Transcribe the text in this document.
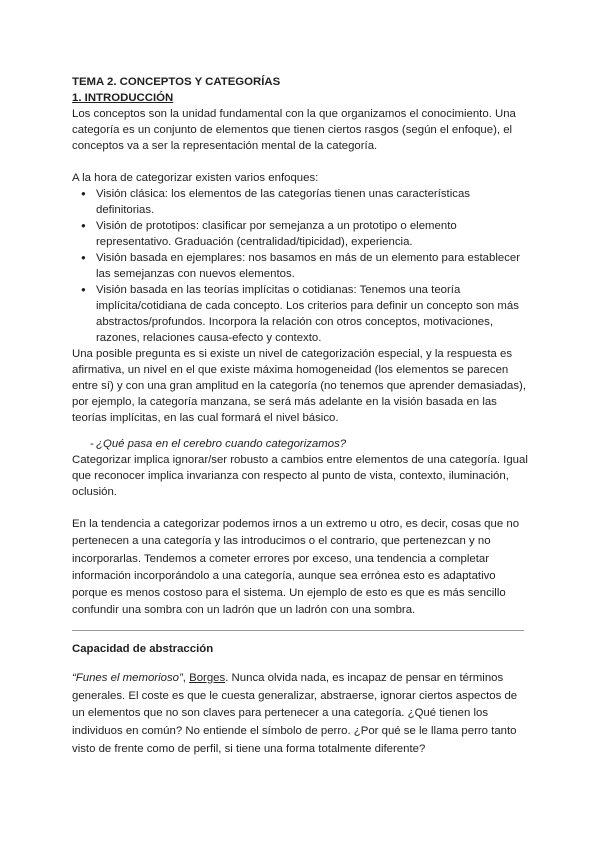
TEMA 2. CONCEPTOS Y CATEGORÍAS

1. INTRODUCCIÓN

Los conceptos son la unidad fundamental con la que organizamos el conocimiento. Una categoría es un conjunto de elementos que tienen ciertos rasgos (según el enfoque), el conceptos va a ser la representación mental de la categoría.

A la hora de categorizar existen varios enfoques:

● Visión clásica: los elementos de las categorías tienen unas características definitorias.
● Visión de prototipos: clasificar por semejanza a un prototipo o elemento representativo. Graduación (centralidad/tipicidad), experiencia.
● Visión basada en ejemplares: nos basamos en más de un elemento para establecer las semejanzas con nuevos elementos.
● Visión basada en las teorías implícitas o cotidianas: Tenemos una teoría implícita/cotidiana de cada concepto. Los criterios para definir un concepto son más abstractos/profundos. Incorpora la relación con otros conceptos, motivaciones, razones, relaciones causa-efecto y contexto.

Una posible pregunta es si existe un nivel de categorización especial, y la respuesta es afirmativa, un nivel en el que existe máxima homogeneidad (los elementos se parecen entre sí) y con una gran amplitud en la categoría (no tenemos que aprender demasiadas), por ejemplo, la categoría manzana, se será más adelante en la visión basada en las teorías implícitas, en las cual formará el nivel básico.

- ¿Qué pasa en el cerebro cuando categorizamos?

Categorizar implica ignorar/ser robusto a cambios entre elementos de una categoría. Igual que reconocer implica invarianza con respecto al punto de vista, contexto, iluminación, oclusión.

En la tendencia a categorizar podemos irnos a un extremo u otro, es decir, cosas que no pertenecen a una categoría y las introducimos o el contrario, que pertenezcan y no incorporarlas. Tendemos a cometer errores por exceso, una tendencia a completar información incorporándolo a una categoría, aunque sea errónea esto es adaptativo porque es menos costoso para el sistema. Un ejemplo de esto es que es más sencillo confundir una sombra con un ladrón que un ladrón con una sombra.

Capacidad de abstracción

“Funes el memorioso”, Borges. Nunca olvida nada, es incapaz de pensar en términos generales. El coste es que le cuesta generalizar, abstraerse, ignorar ciertos aspectos de un elementos que no son claves para pertenecer a una categoría. ¿Qué tienen los individuos en común? No entiende el símbolo de perro. ¿Por qué se le llama perro tanto visto de frente como de perfil, si tiene una forma totalmente diferente?
